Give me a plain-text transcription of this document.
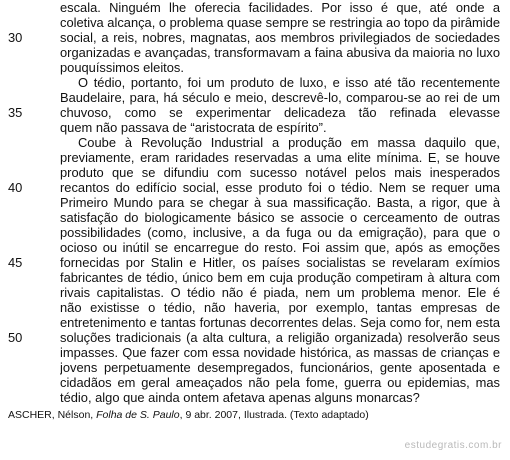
escala. Ninguém lhe oferecia facilidades. Por isso é que, até onde a
coletiva alcança, o problema quase sempre se restringia ao topo da pirâmide
30	social, a reis, nobres, magnatas, aos membros privilegiados de sociedades
organizadas e avançadas, transformavam a faina abusiva da maioria no luxo
pouquíssimos eleitos.
O tédio, portanto, foi um produto de luxo, e isso até tão recentemente
Baudelaire, para, há século e meio, descrevê-lo, comparou-se ao rei de um
35	chuvoso, como se experimentar delicadeza tão refinada elevasse
quem não passava de “aristocrata de espírito”.
Coube à Revolução Industrial a produção em massa daquilo que,
previamente, eram raridades reservadas a uma elite mínima. E, se houve
produto que se difundiu com sucesso notável pelos mais inesperados
40	recantos do edifício social, esse produto foi o tédio. Nem se requer uma
Primeiro Mundo para se chegar à sua massificação. Basta, a rigor, que à
satisfação do biologicamente básico se associe o cerceamento de outras
possibilidades (como, inclusive, a da fuga ou da emigração), para que o
ocioso ou inútil se encarregue do resto. Foi assim que, após as emoções
45	fornecidas por Stalin e Hitler, os países socialistas se revelaram exímios
fabricantes de tédio, único bem em cuja produção competiram à altura com
rivais capitalistas. O tédio não é piada, nem um problema menor. Ele é
não existisse o tédio, não haveria, por exemplo, tantas empresas de
entretenimento e tantas fortunas decorrentes delas. Seja como for, nem esta
50	soluções tradicionais (a alta cultura, a religião organizada) resolverão seus
impasses. Que fazer com essa novidade histórica, as massas de crianças e
jovens perpetuamente desempregados, funcionários, gente aposentada e
cidadãos em geral ameaçados não pela fome, guerra ou epidemias, mas
tédio, algo que ainda ontem afetava apenas alguns monarcas?
ASCHER, Nélson, Folha de S. Paulo, 9 abr. 2007, Ilustrada. (Texto adaptado)
estudegratis.com.br
